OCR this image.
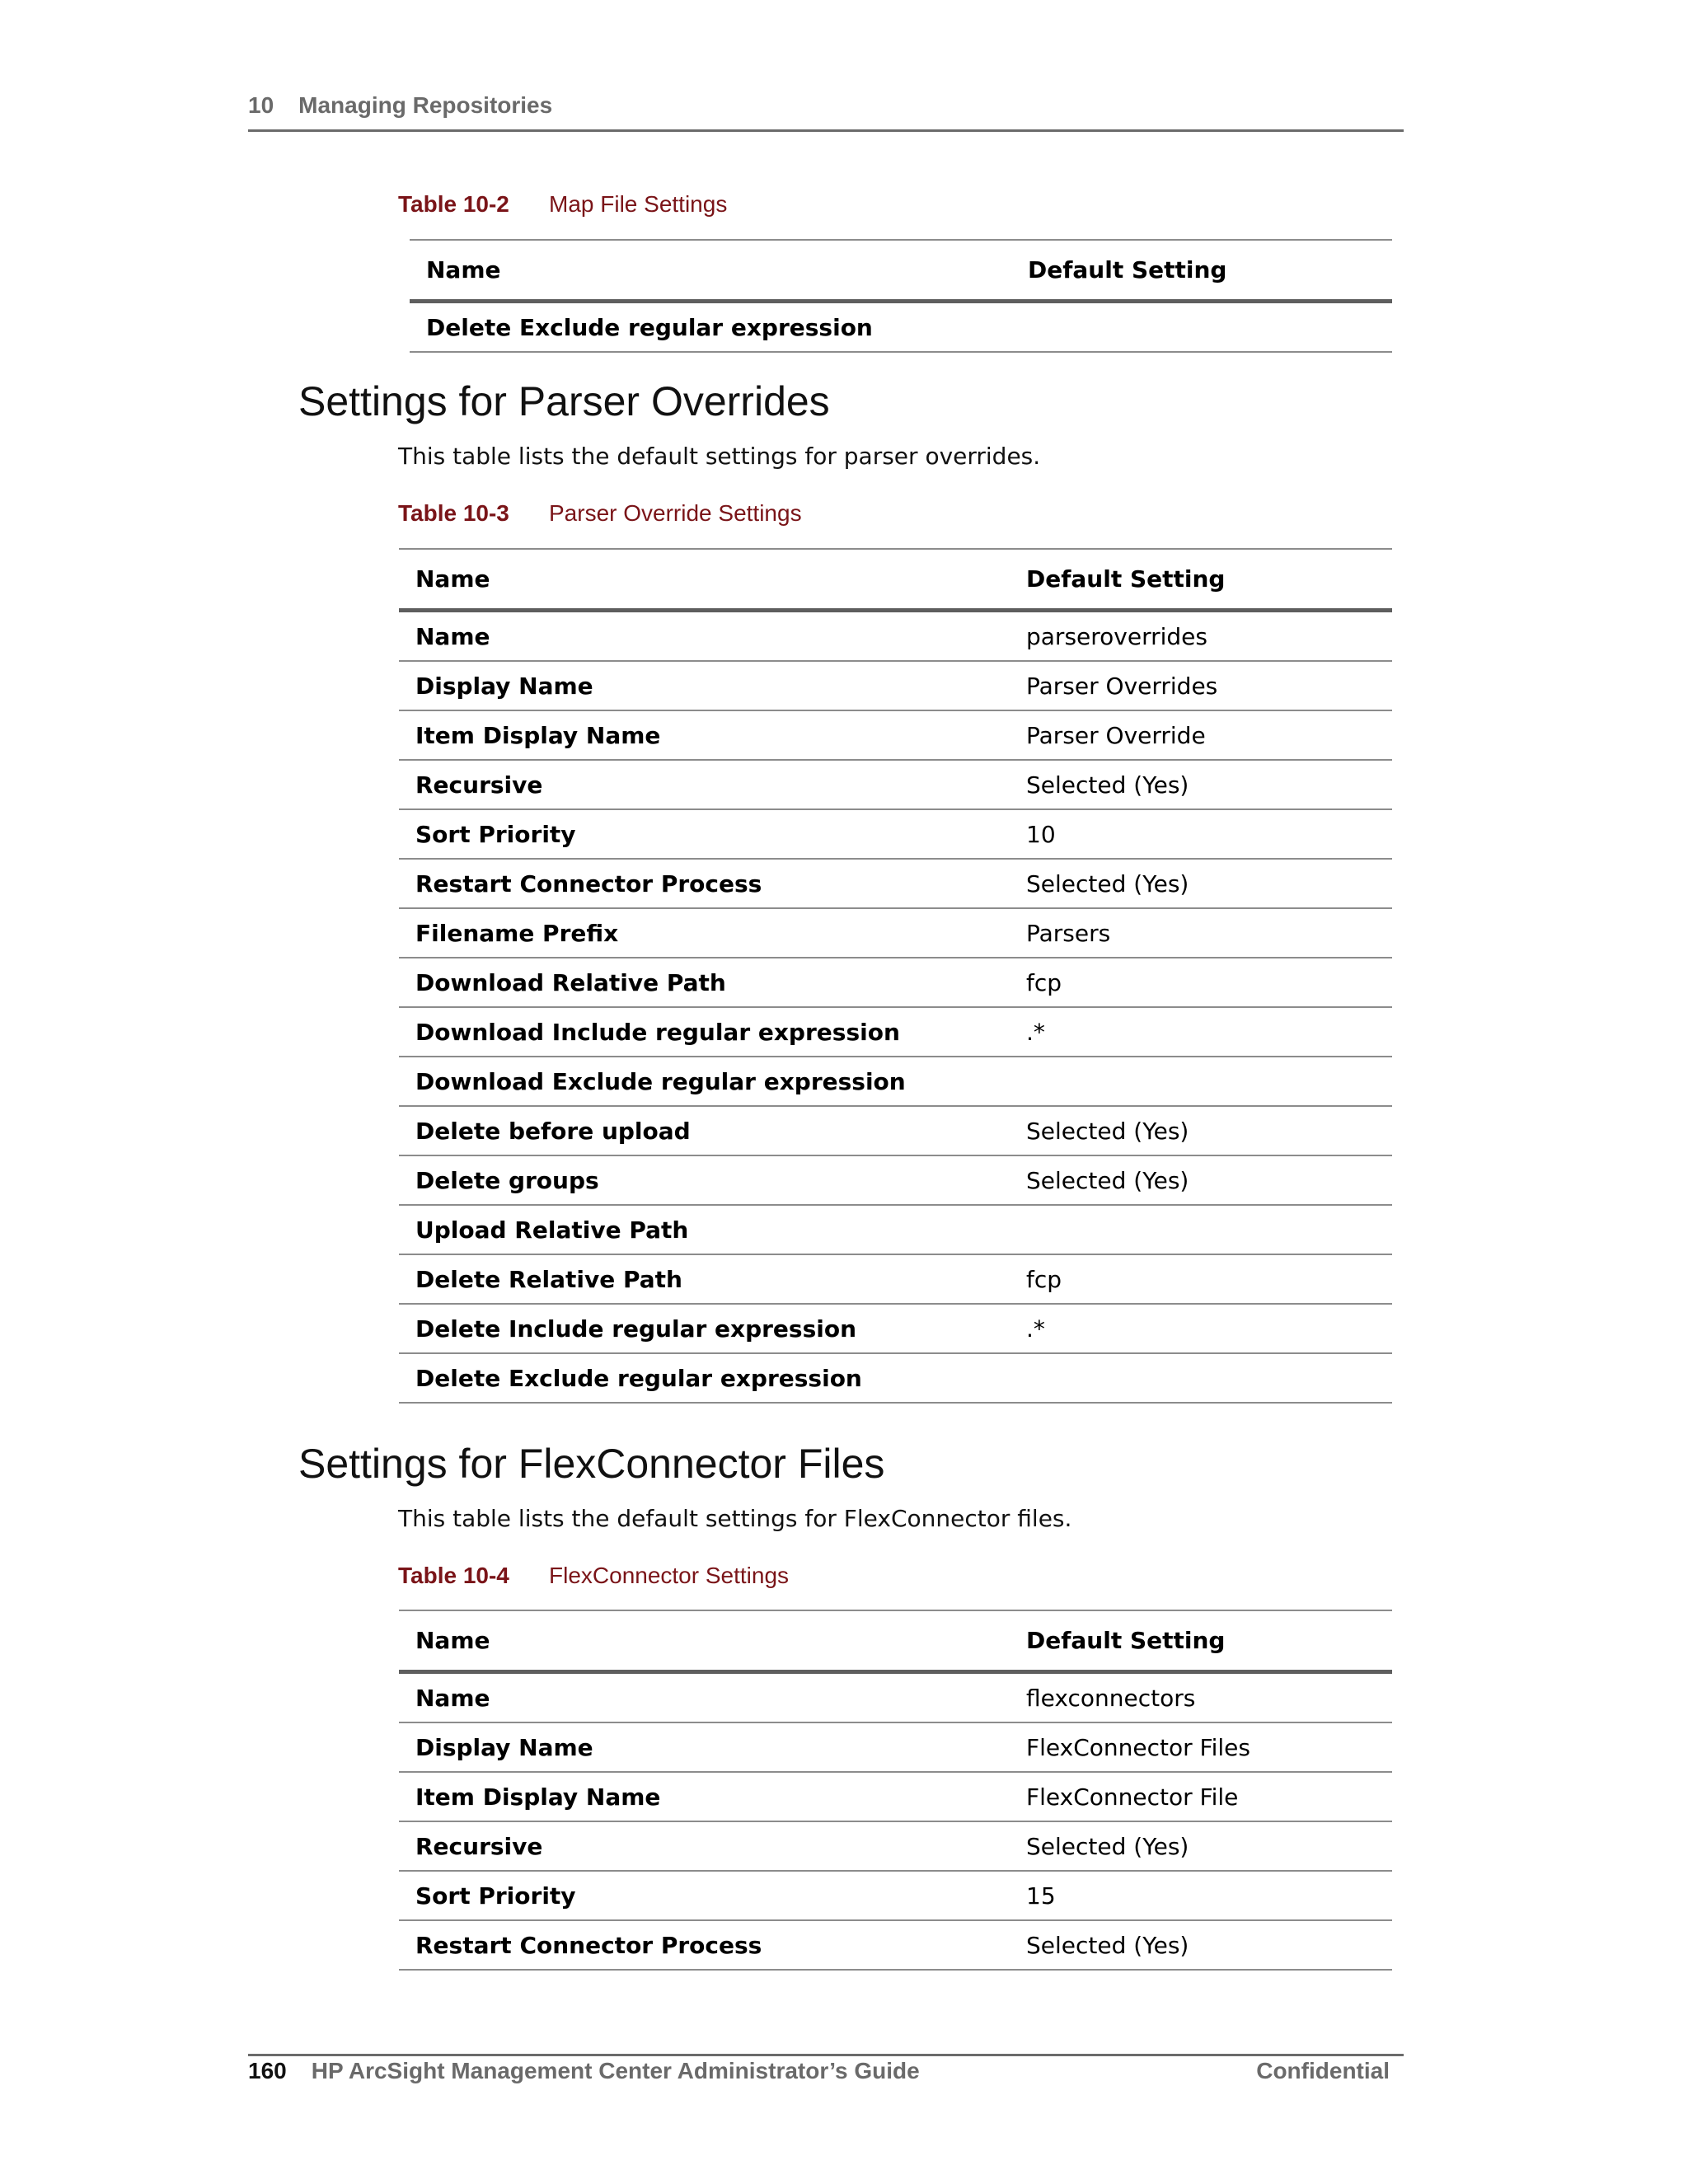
10 Managing Repositories
Table 10-2 Map File Settings
Name	Default Setting
Delete Exclude regular expression	
Settings for Parser Overrides
This table lists the default settings for parser overrides.
Table 10-3 Parser Override Settings
Name	Default Setting
Name	parseroverrides
Display Name	Parser Overrides
Item Display Name	Parser Override
Recursive	Selected (Yes)
Sort Priority	10
Restart Connector Process	Selected (Yes)
Filename Prefix	Parsers
Download Relative Path	fcp
Download Include regular expression	.*
Download Exclude regular expression	
Delete before upload	Selected (Yes)
Delete groups	Selected (Yes)
Upload Relative Path	
Delete Relative Path	fcp
Delete Include regular expression	.*
Delete Exclude regular expression	
Settings for FlexConnector Files
This table lists the default settings for FlexConnector files.
Table 10-4 FlexConnector Settings
Name	Default Setting
Name	flexconnectors
Display Name	FlexConnector Files
Item Display Name	FlexConnector File
Recursive	Selected (Yes)
Sort Priority	15
Restart Connector Process	Selected (Yes)
160 HP ArcSight Management Center Administrator’s Guide	Confidential
